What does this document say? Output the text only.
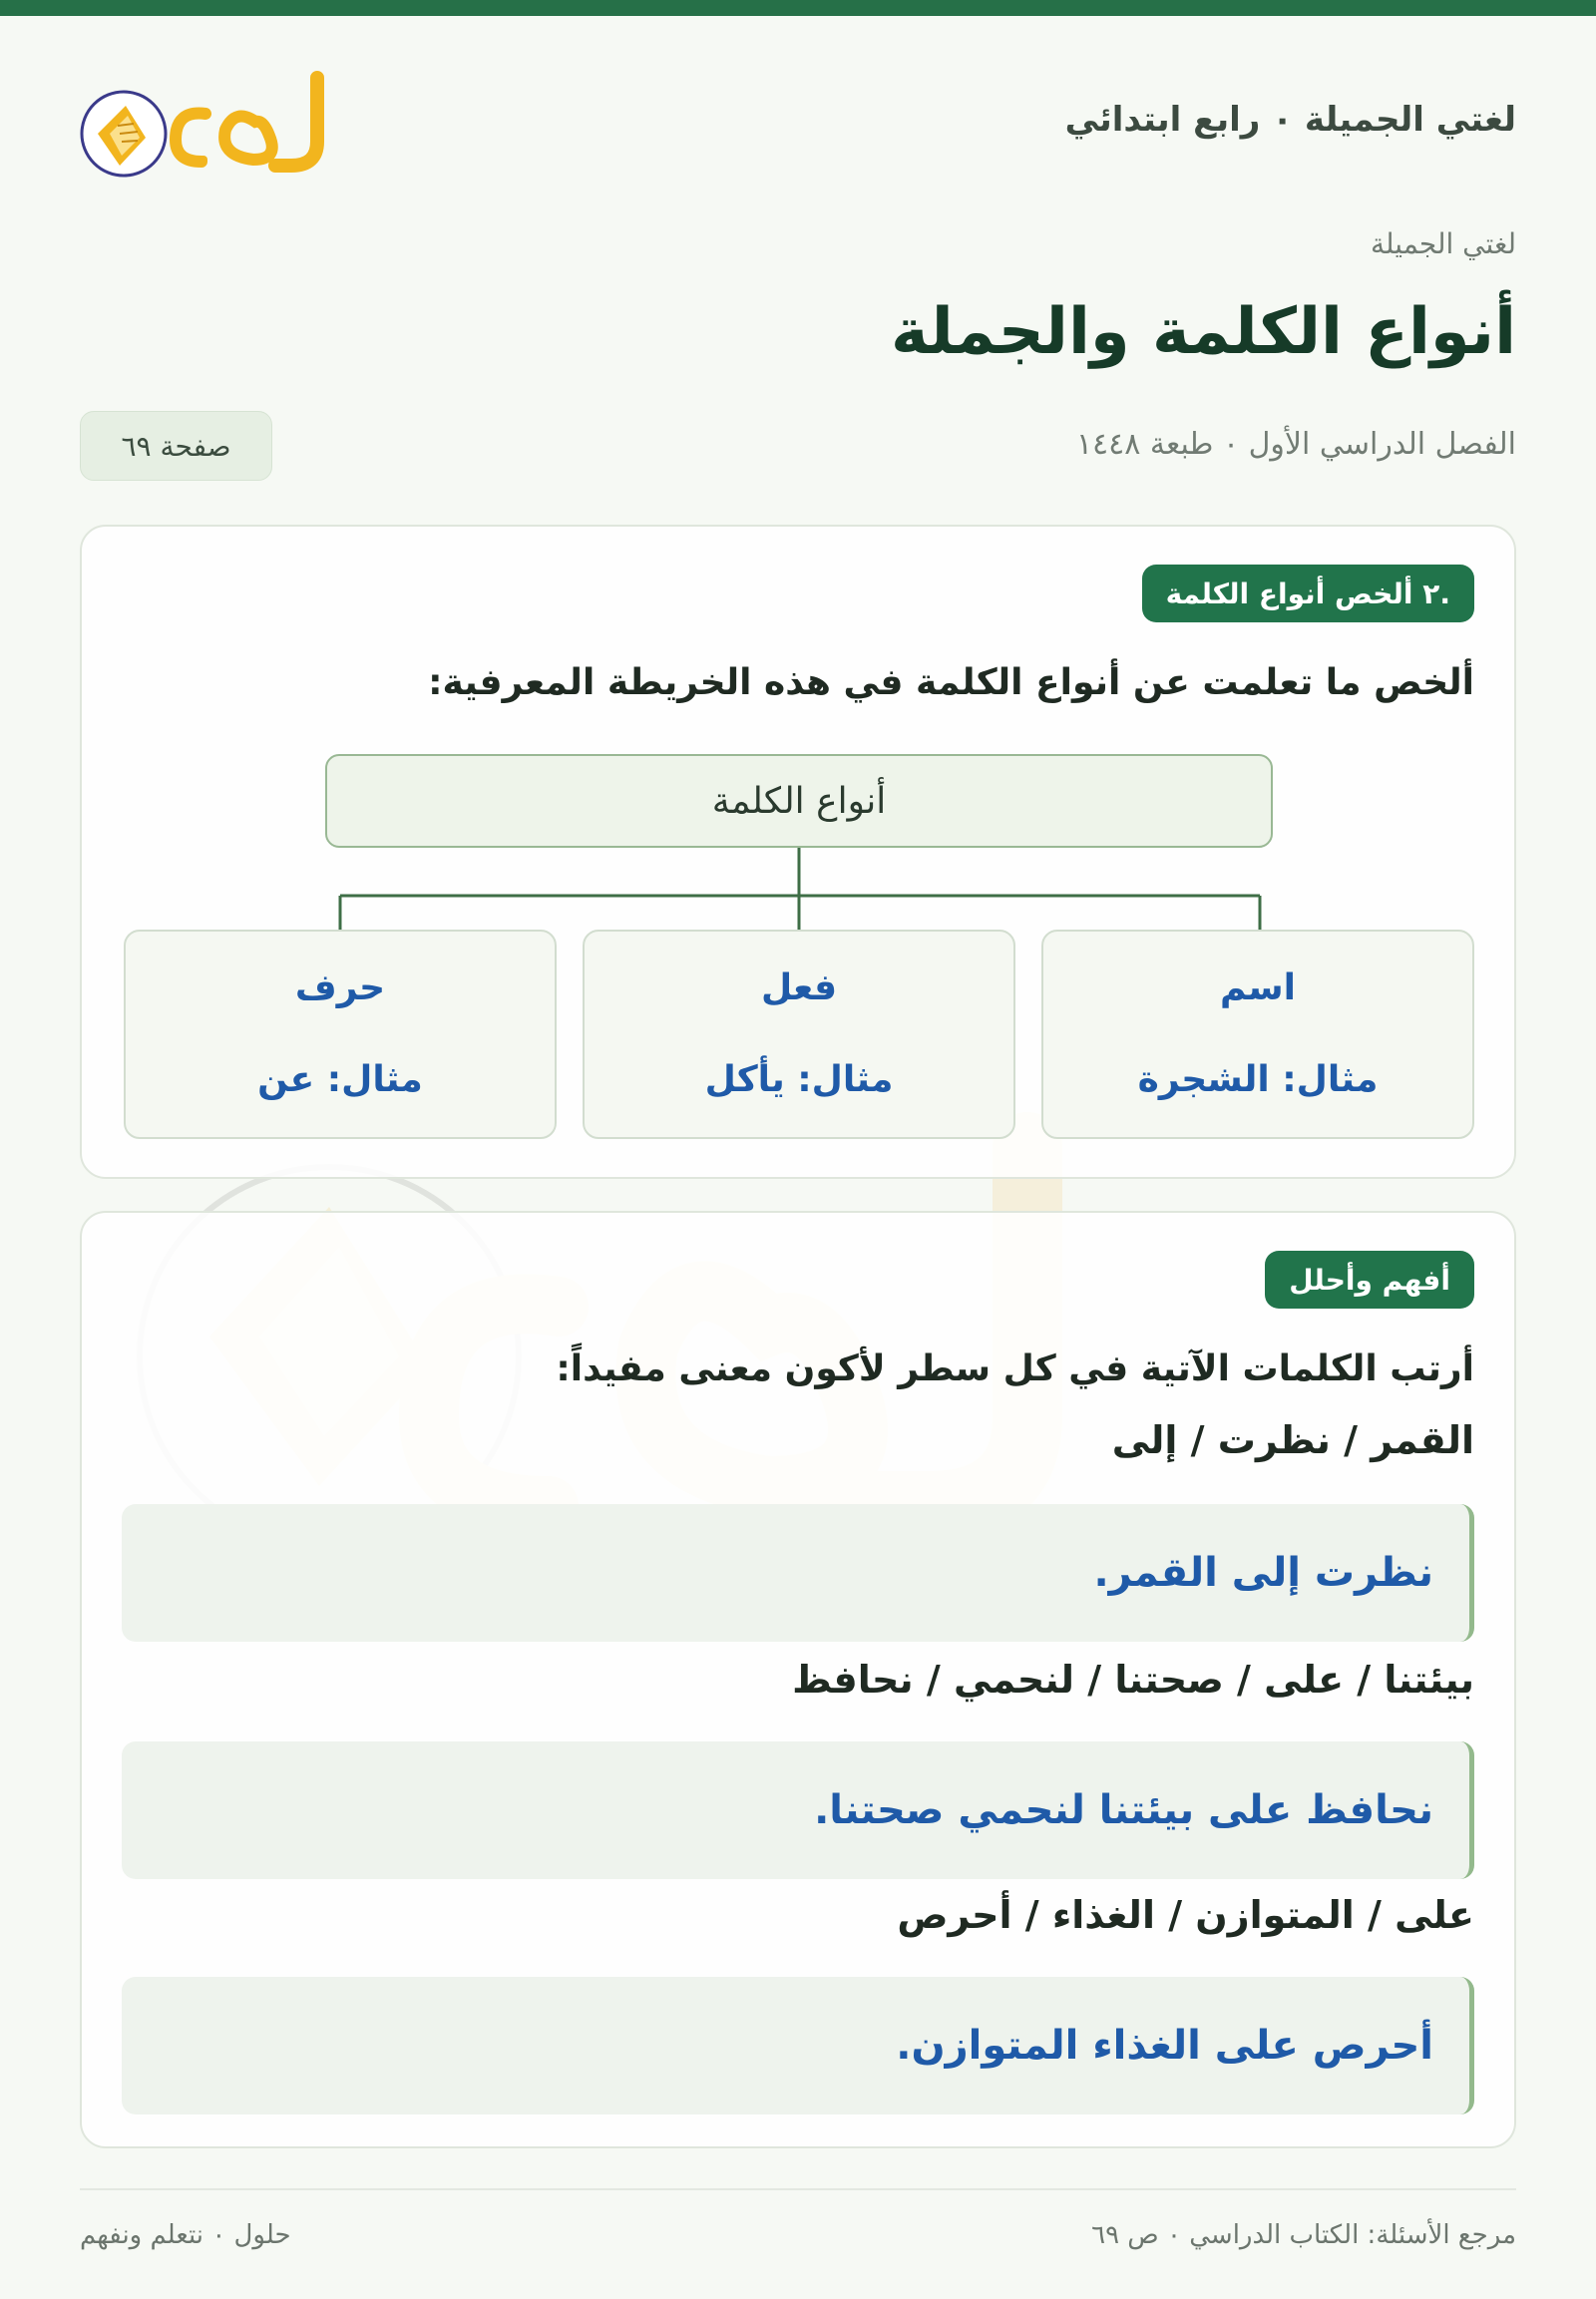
لغتي الجميلة ٠ رابع ابتدائي
لغتي الجميلة
أنواع الكلمة والجملة
الفصل الدراسي الأول ٠ طبعة ١٤٤٨
صفحة ٦٩
.٢ ألخص أنواع الكلمة
ألخص ما تعلمت عن أنواع الكلمة في هذه الخريطة المعرفية:
أنواع الكلمة
اسم
مثال: الشجرة
فعل
مثال: يأكل
حرف
مثال: عن
أفهم وأحلل
أرتب الكلمات الآتية في كل سطر لأكون معنى مفيداً:
القمر / نظرت / إلى
نظرت إلى القمر.
بيئتنا / على / صحتنا / لنحمي / نحافظ
نحافظ على بيئتنا لنحمي صحتنا.
على / المتوازن / الغذاء / أحرص
أحرص على الغذاء المتوازن.
مرجع الأسئلة: الكتاب الدراسي ٠ ص ٦٩
حلول ٠ نتعلم ونفهم
